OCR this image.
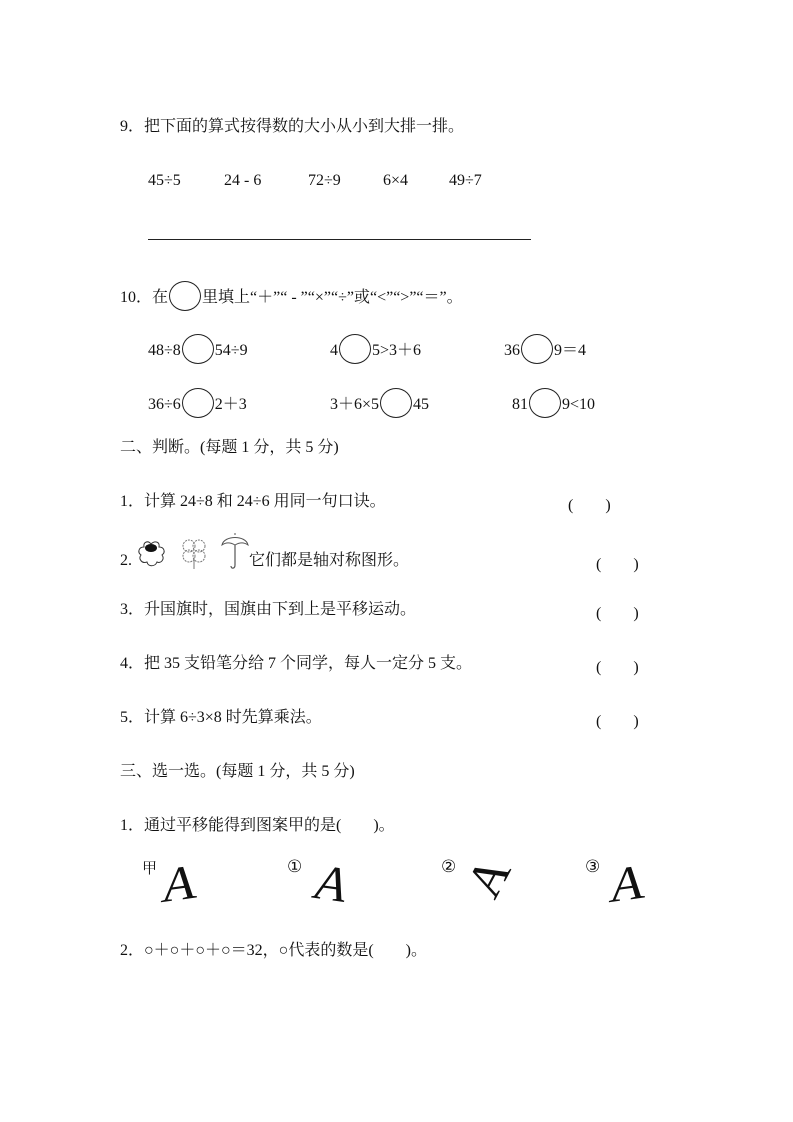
9．把下面的算式按得数的大小从小到大排一排。
45÷5	24 - 6	72÷9	6×4	49÷7
10．在 里填上“＋”“ - ”“×”“÷”或“<”“>”“＝”。
48÷8 54÷9	4 5>3＋6	36 9＝4
36÷6 2＋3	3＋6×5 45	81 9<10
二、判断。(每题 1 分，共 5 分)
1．计算 24÷8 和 24÷6 用同一句口诀。	(　　)
2.	它们都是轴对称图形。	(　　)
3．升国旗时，国旗由下到上是平移运动。	(　　)
4．把 35 支铅笔分给 7 个同学，每人一定分 5 支。	(　　)
5．计算 6÷3×8 时先算乘法。	(　　)
三、选一选。(每题 1 分，共 5 分)
1．通过平移能得到图案甲的是(　　)。
甲 A	① A	②
A	③ A
2．○＋○＋○＋○＝32，○代表的数是(　　)。
